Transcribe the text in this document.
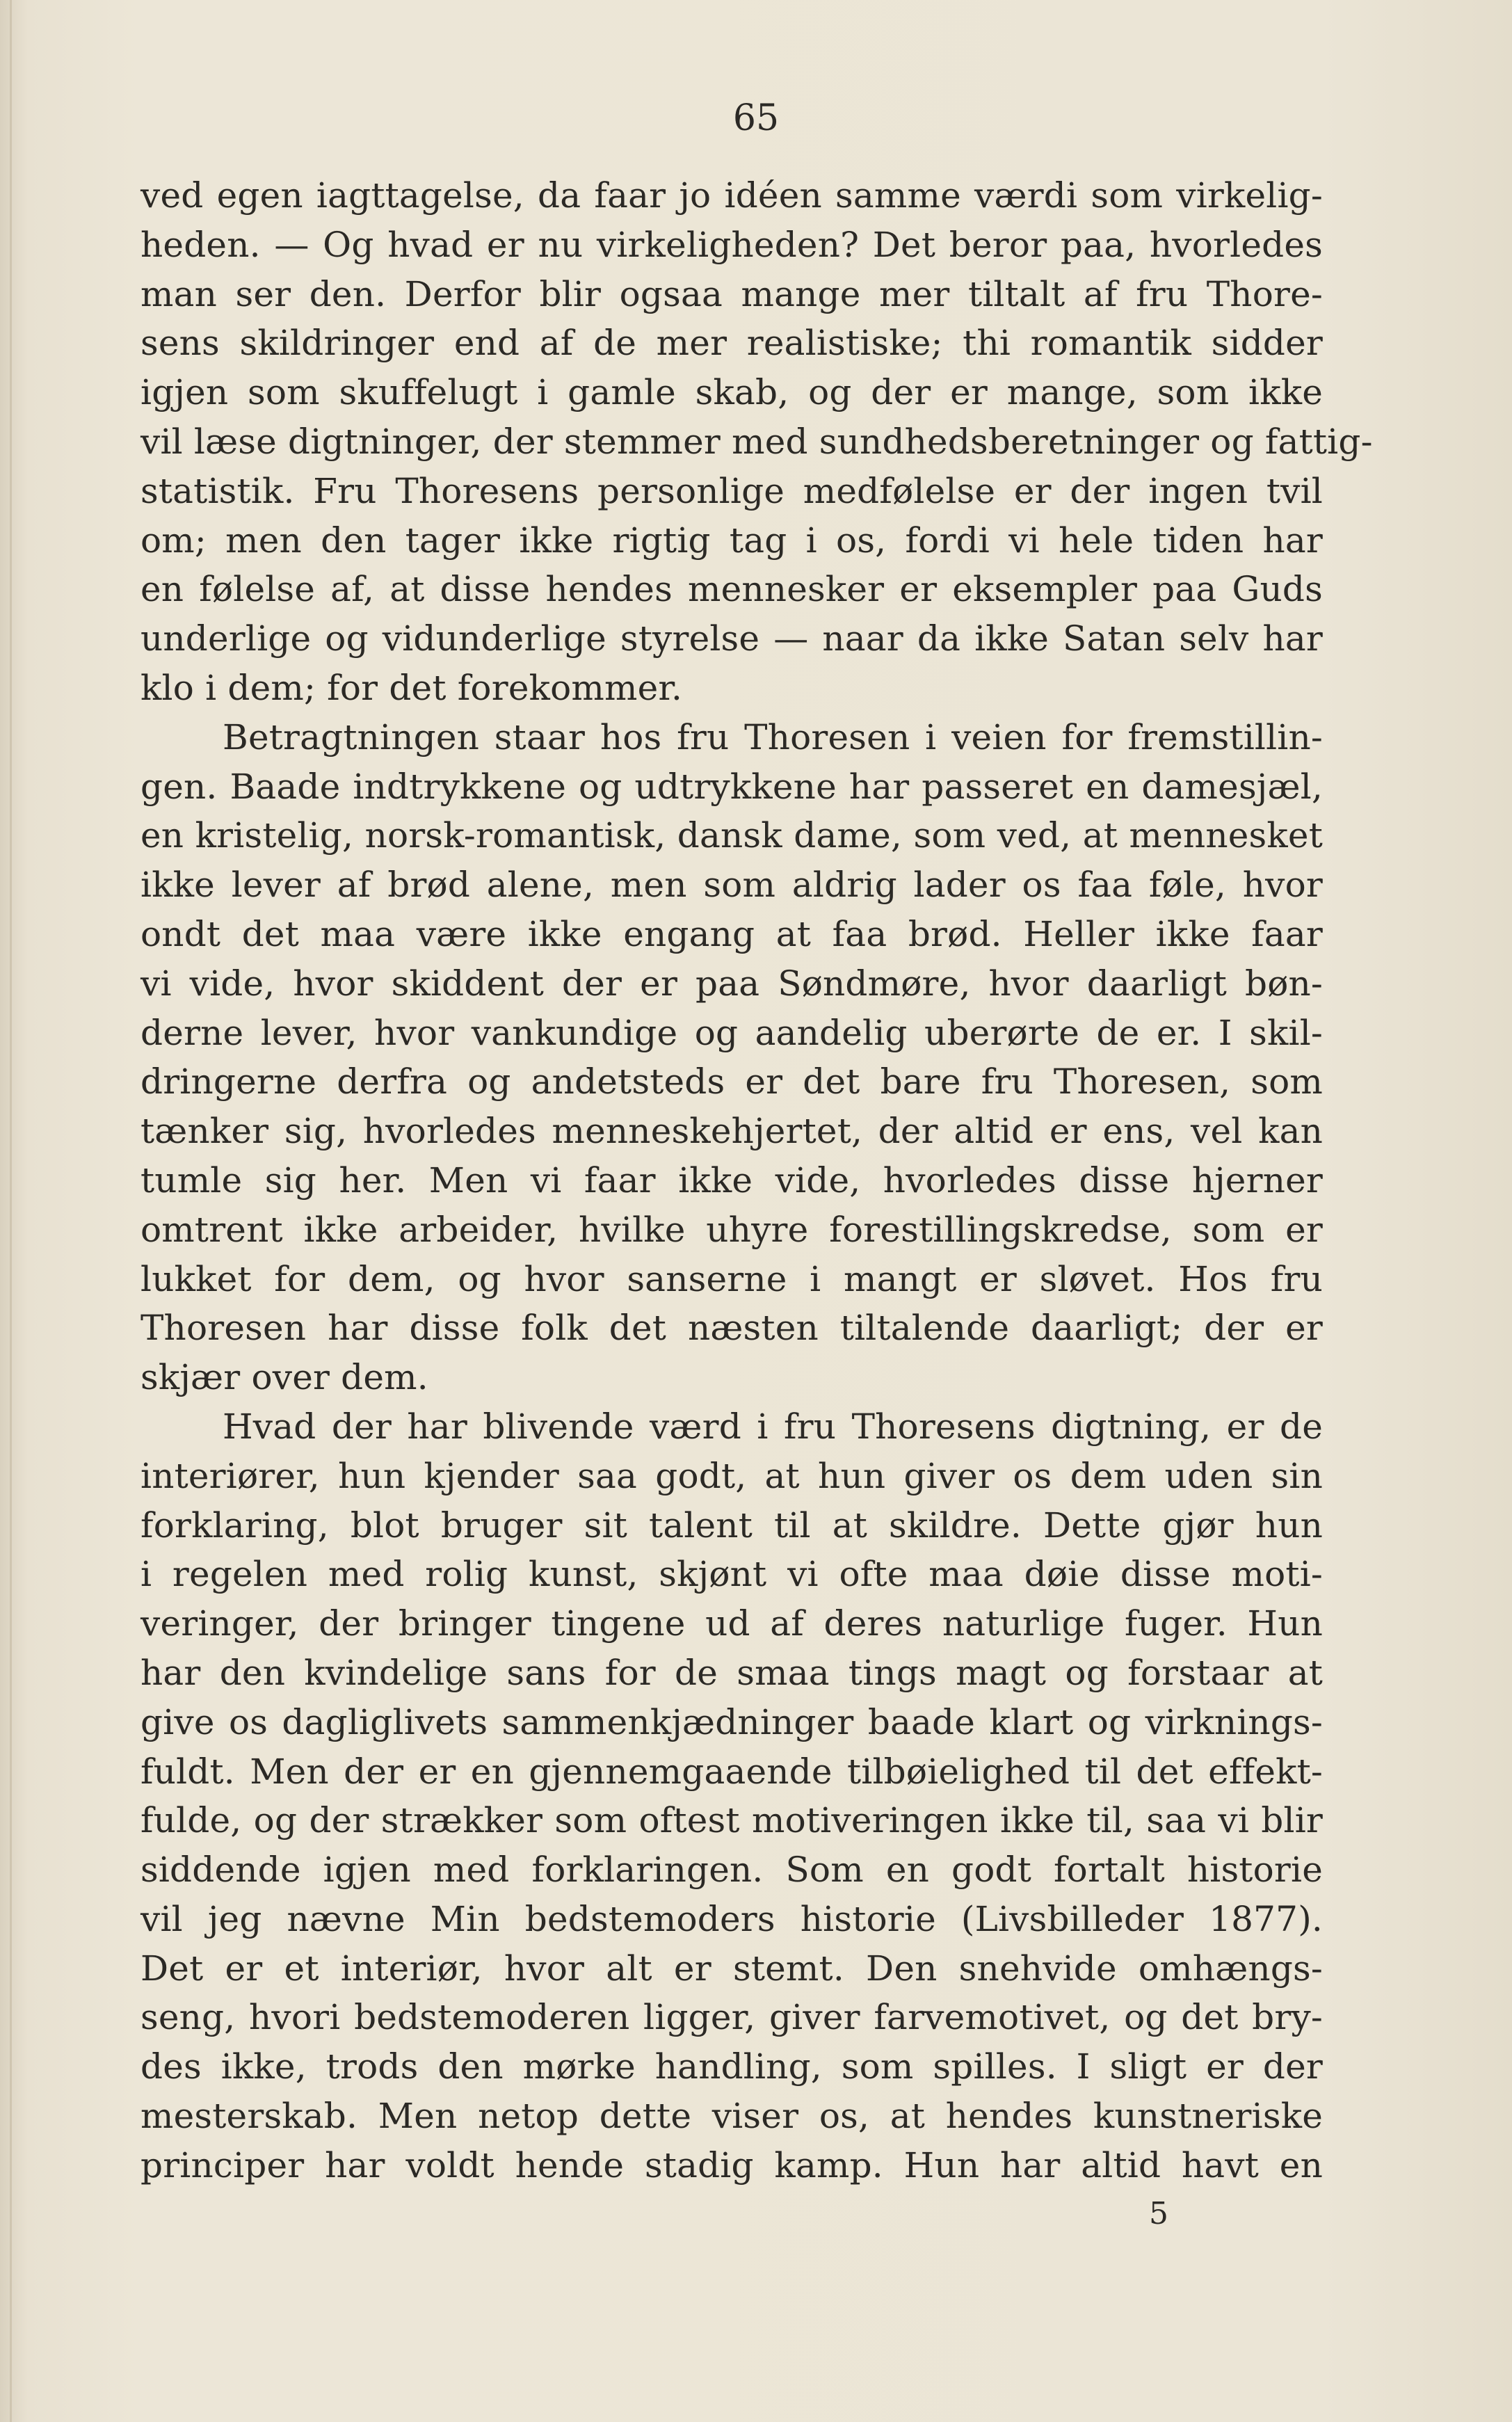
65
ved egen iagttagelse, da faar jo idéen samme værdi som virkelig-
heden. — Og hvad er nu virkeligheden? Det beror paa, hvorledes
man ser den. Derfor blir ogsaa mange mer tiltalt af fru Thore-
sens skildringer end af de mer realistiske; thi romantik sidder
igjen som skuffelugt i gamle skab, og der er mange, som ikke
vil læse digtninger, der stemmer med sundhedsberetninger og fattig-
statistik. Fru Thoresens personlige medfølelse er der ingen tvil
om; men den tager ikke rigtig tag i os, fordi vi hele tiden har
en følelse af, at disse hendes mennesker er eksempler paa Guds
underlige og vidunderlige styrelse — naar da ikke Satan selv har
klo i dem; for det forekommer.
Betragtningen staar hos fru Thoresen i veien for fremstillin-
gen. Baade indtrykkene og udtrykkene har passeret en damesjæl,
en kristelig, norsk-romantisk, dansk dame, som ved, at mennesket
ikke lever af brød alene, men som aldrig lader os faa føle, hvor
ondt det maa være ikke engang at faa brød. Heller ikke faar
vi vide, hvor skiddent der er paa Søndmøre, hvor daarligt bøn-
derne lever, hvor vankundige og aandelig uberørte de er. I skil-
dringerne derfra og andetsteds er det bare fru Thoresen, som
tænker sig, hvorledes menneskehjertet, der altid er ens, vel kan
tumle sig her. Men vi faar ikke vide, hvorledes disse hjerner
omtrent ikke arbeider, hvilke uhyre forestillingskredse, som er
lukket for dem, og hvor sanserne i mangt er sløvet. Hos fru
Thoresen har disse folk det næsten tiltalende daarligt; der er
skjær over dem.
Hvad der har blivende værd i fru Thoresens digtning, er de
interiører, hun kjender saa godt, at hun giver os dem uden sin
forklaring, blot bruger sit talent til at skildre. Dette gjør hun
i regelen med rolig kunst, skjønt vi ofte maa døie disse moti-
veringer, der bringer tingene ud af deres naturlige fuger. Hun
har den kvindelige sans for de smaa tings magt og forstaar at
give os dagliglivets sammenkjædninger baade klart og virknings-
fuldt. Men der er en gjennemgaaende tilbøielighed til det effekt-
fulde, og der strækker som oftest motiveringen ikke til, saa vi blir
siddende igjen med forklaringen. Som en godt fortalt historie
vil jeg nævne Min bedstemoders historie (Livsbilleder 1877).
Det er et interiør, hvor alt er stemt. Den snehvide omhængs-
seng, hvori bedstemoderen ligger, giver farvemotivet, og det bry-
des ikke, trods den mørke handling, som spilles. I sligt er der
mesterskab. Men netop dette viser os, at hendes kunstneriske
principer har voldt hende stadig kamp. Hun har altid havt en
5
